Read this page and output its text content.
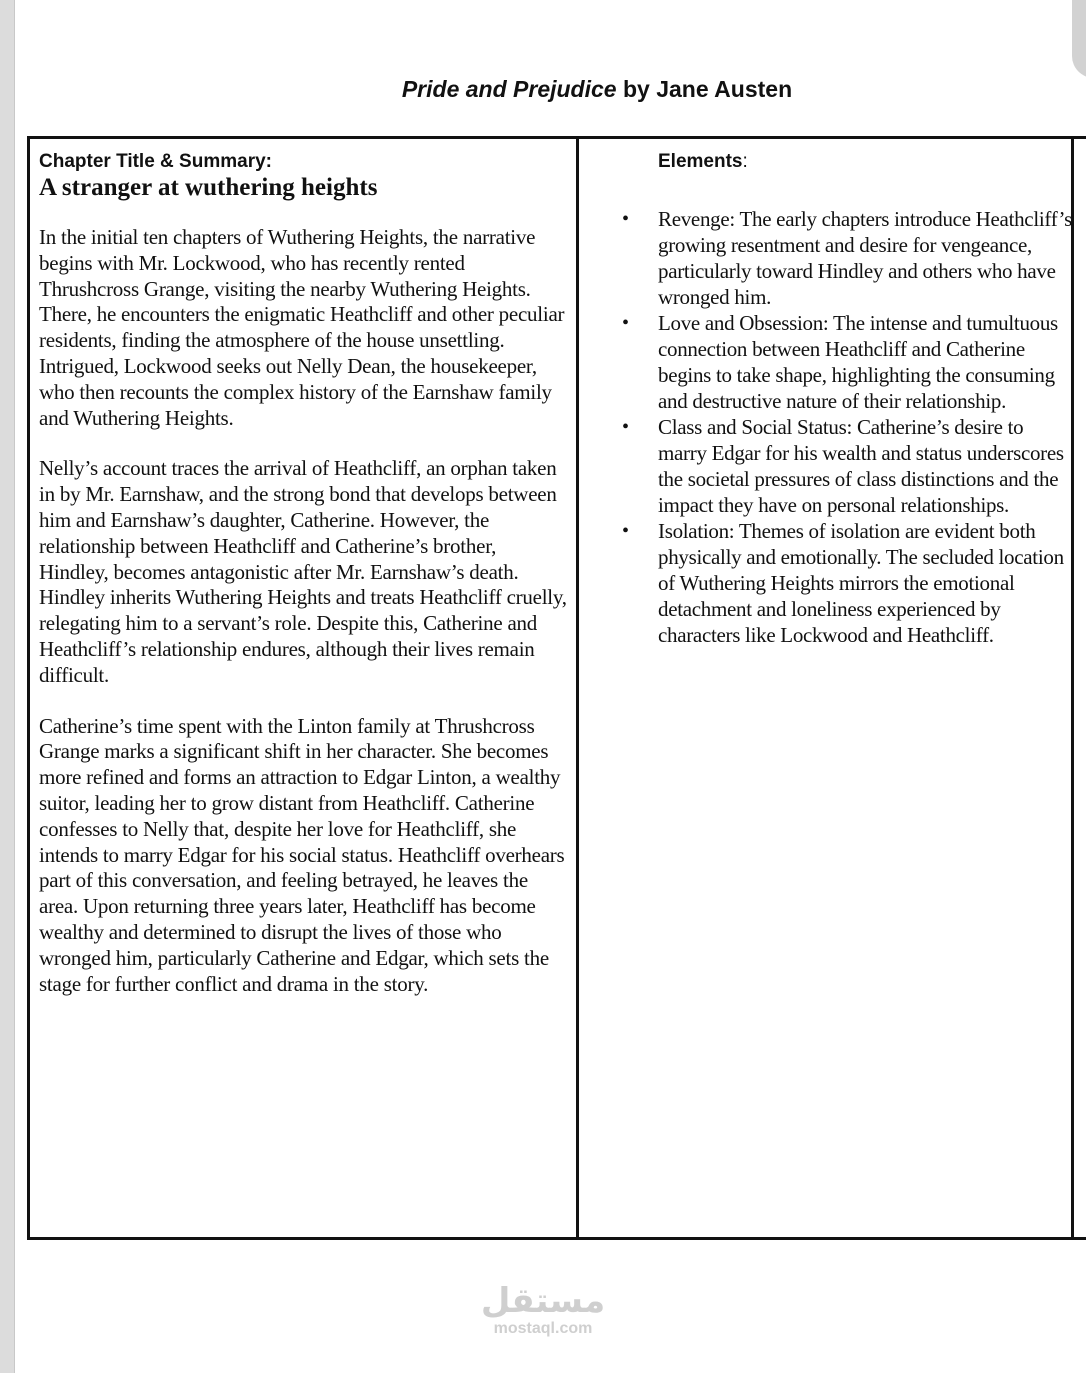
Pride and Prejudice by Jane Austen

Chapter Title & Summary:

A stranger at wuthering heights

In the initial ten chapters of Wuthering Heights, the narrative begins with Mr. Lockwood, who has recently rented Thrushcross Grange, visiting the nearby Wuthering Heights. There, he encounters the enigmatic Heathcliff and other peculiar residents, finding the atmosphere of the house unsettling. Intrigued, Lockwood seeks out Nelly Dean, the housekeeper, who then recounts the complex history of the Earnshaw family and Wuthering Heights.

Nelly’s account traces the arrival of Heathcliff, an orphan taken in by Mr. Earnshaw, and the strong bond that develops between him and Earnshaw’s daughter, Catherine. However, the relationship between Heathcliff and Catherine’s brother, Hindley, becomes antagonistic after Mr. Earnshaw’s death. Hindley inherits Wuthering Heights and treats Heathcliff cruelly, relegating him to a servant’s role. Despite this, Catherine and Heathcliff’s relationship endures, although their lives remain difficult.

Catherine’s time spent with the Linton family at Thrushcross Grange marks a significant shift in her character. She becomes more refined and forms an attraction to Edgar Linton, a wealthy suitor, leading her to grow distant from Heathcliff. Catherine confesses to Nelly that, despite her love for Heathcliff, she intends to marry Edgar for his social status. Heathcliff overhears part of this conversation, and feeling betrayed, he leaves the area. Upon returning three years later, Heathcliff has become wealthy and determined to disrupt the lives of those who wronged him, particularly Catherine and Edgar, which sets the stage for further conflict and drama in the story.

Elements:

• Revenge: The early chapters introduce Heathcliff’s growing resentment and desire for vengeance, particularly toward Hindley and others who have wronged him.
• Love and Obsession: The intense and tumultuous connection between Heathcliff and Catherine begins to take shape, highlighting the consuming and destructive nature of their relationship.
• Class and Social Status: Catherine’s desire to marry Edgar for his wealth and status underscores the societal pressures of class distinctions and the impact they have on personal relationships.
• Isolation: Themes of isolation are evident both physically and emotionally. The secluded location of Wuthering Heights mirrors the emotional detachment and loneliness experienced by characters like Lockwood and Heathcliff.
مستقل
mostaql.com
